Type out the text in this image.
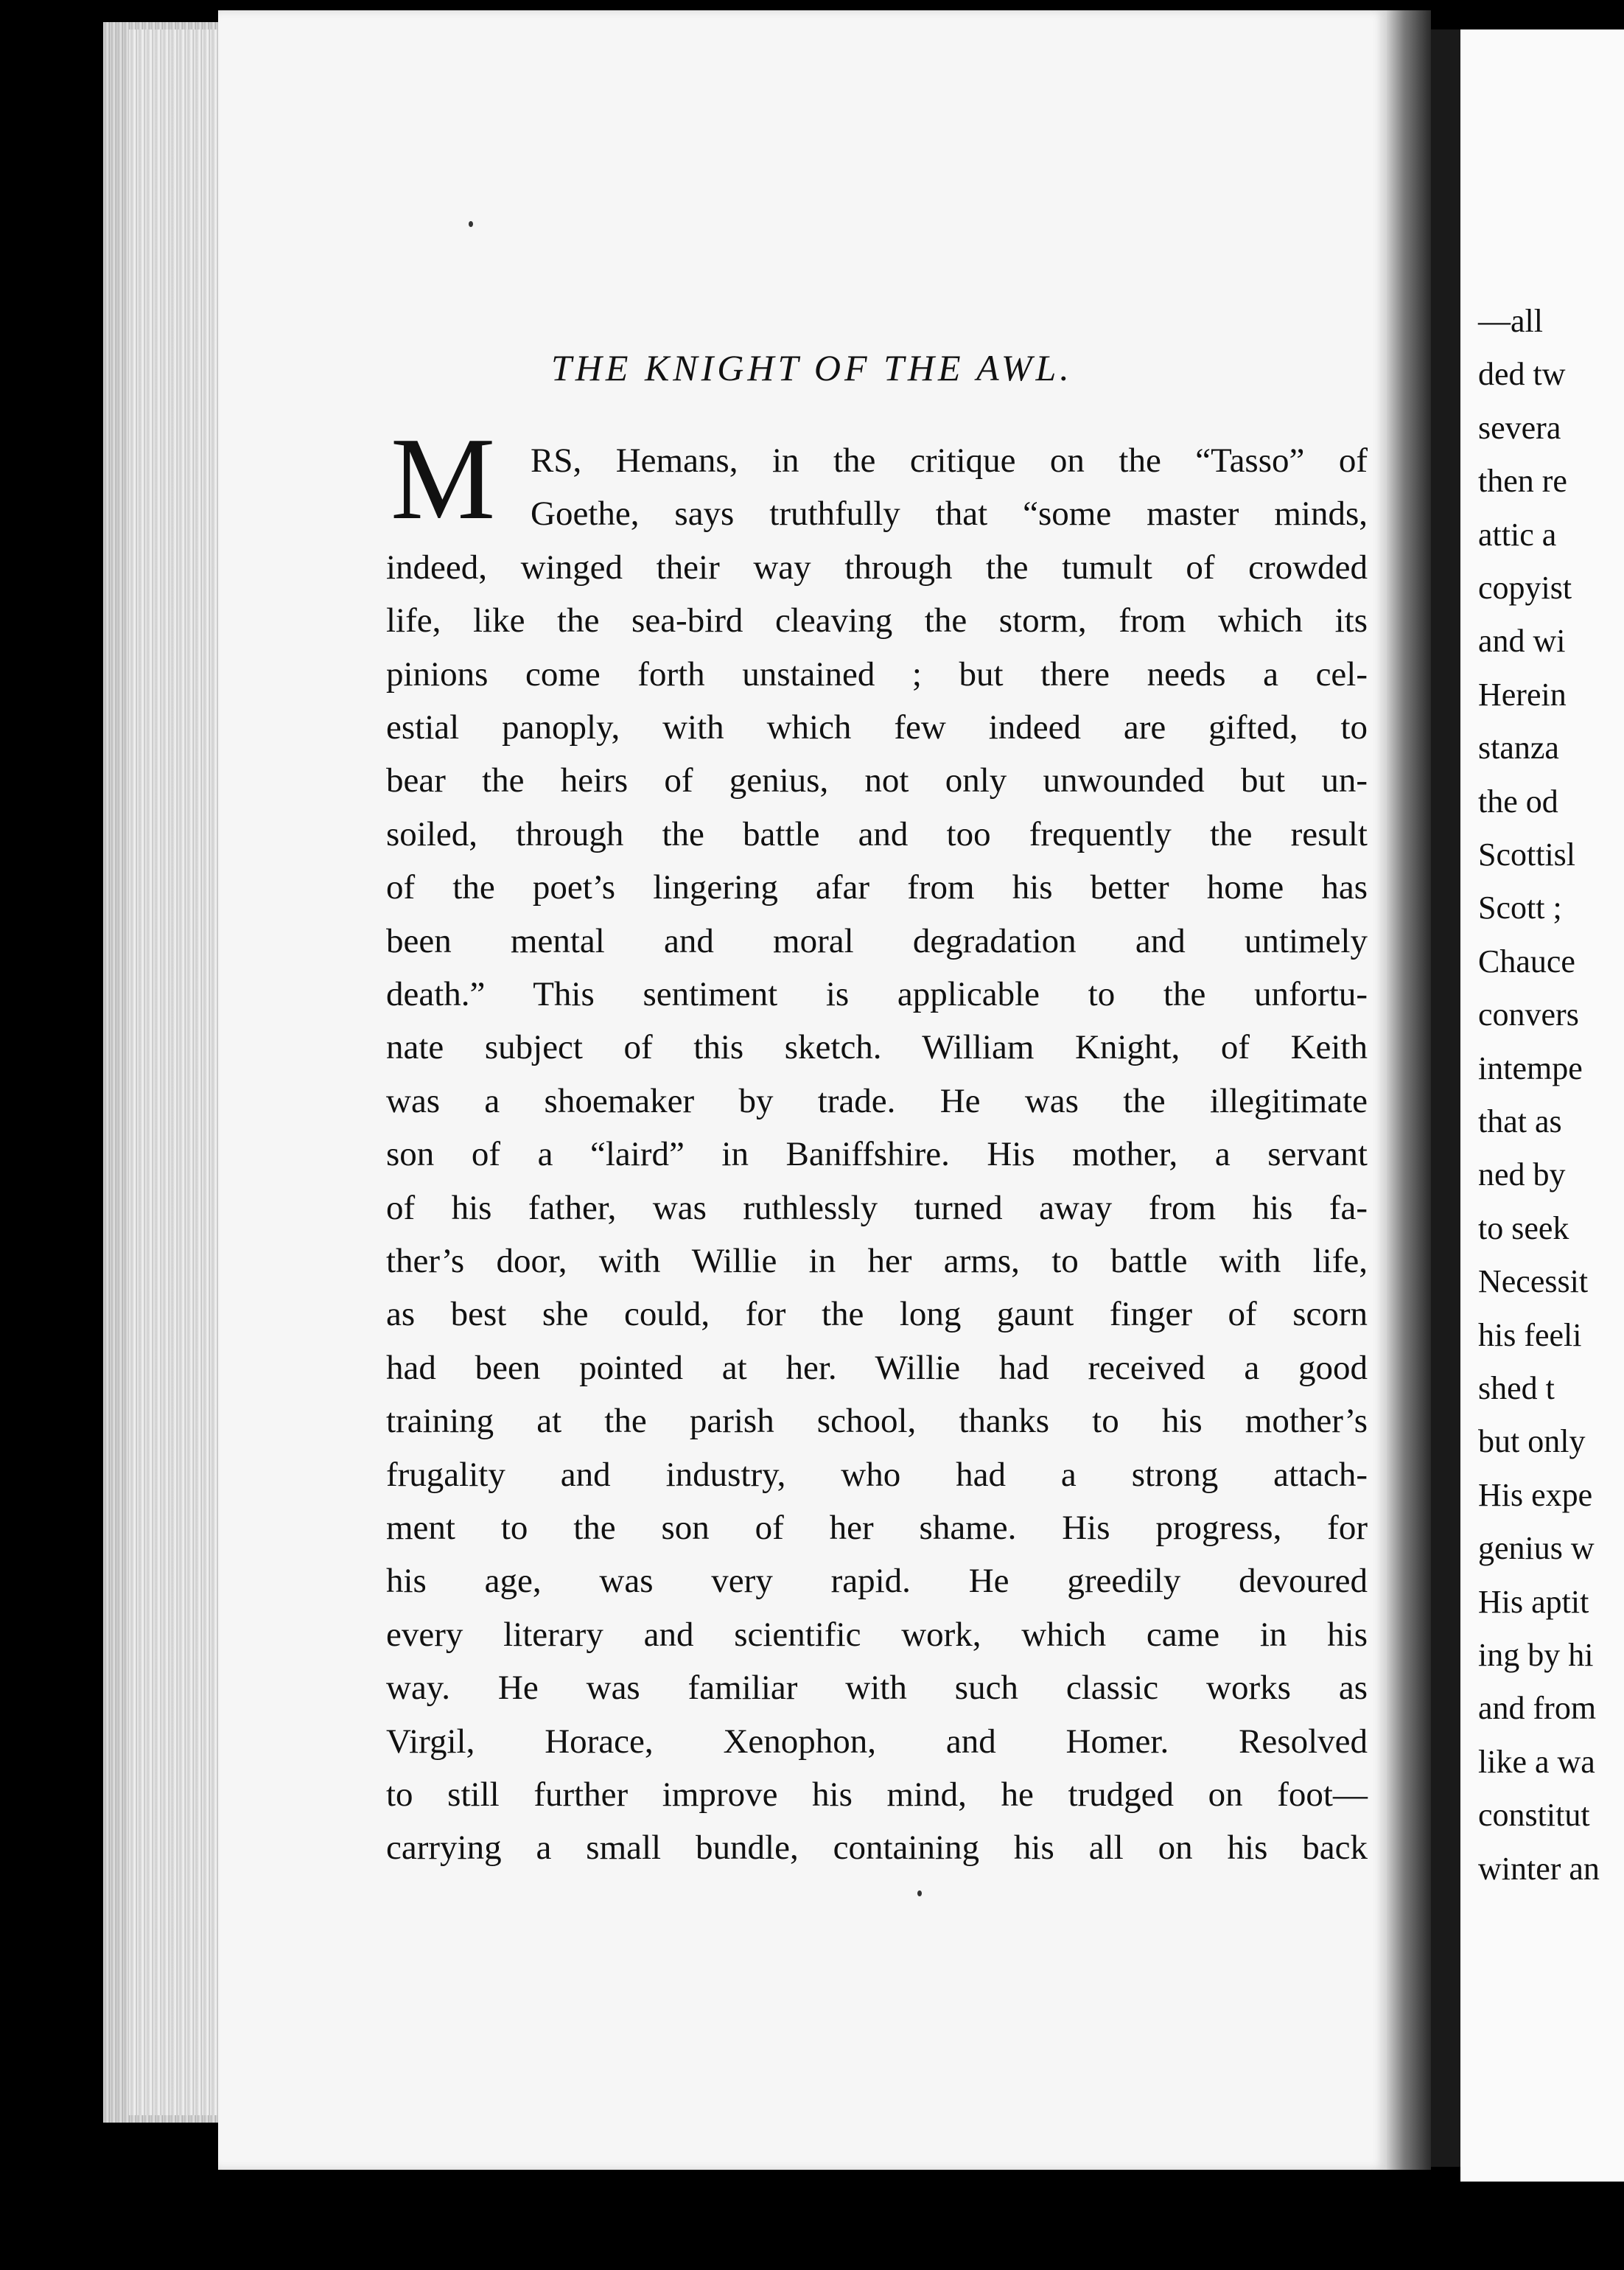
—all
ded tw
severa
then re
attic a
copyist
and wi
Herein
stanza
the od
Scottisl
Scott ;
Chauce
convers
intempe
that as
ned by
to seek
Necessit
his feeli
shed t
but only
His expe
genius w
His aptit
ing by hi
and from
like a wa
constitut
winter an
THE KNIGHT OF THE AWL.
M RS, Hemans, in the critique on the “Tasso” of
Goethe, says truthfully that “some master minds,
indeed, winged their way through the tumult of crowded
life, like the sea-bird cleaving the storm, from which its
pinions come forth unstained ; but there needs a cel-
estial panoply, with which few indeed are gifted, to
bear the heirs of genius, not only unwounded but un-
soiled, through the battle and too frequently the result
of the poet’s lingering afar from his better home has
been mental and moral degradation and untimely
death.” This sentiment is applicable to the unfortu-
nate subject of this sketch. William Knight, of Keith
was a shoemaker by trade. He was the illegitimate
son of a “laird” in Baniffshire. His mother, a servant
of his father, was ruthlessly turned away from his fa-
ther’s door, with Willie in her arms, to battle with life,
as best she could, for the long gaunt finger of scorn
had been pointed at her. Willie had received a good
training at the parish school, thanks to his mother’s
frugality and industry, who had a strong attach-
ment to the son of her shame. His progress, for
his age, was very rapid. He greedily devoured
every literary and scientific work, which came in his
way. He was familiar with such classic works as
Virgil, Horace, Xenophon, and Homer. Resolved
to still further improve his mind, he trudged on foot—
carrying a small bundle, containing his all on his back
